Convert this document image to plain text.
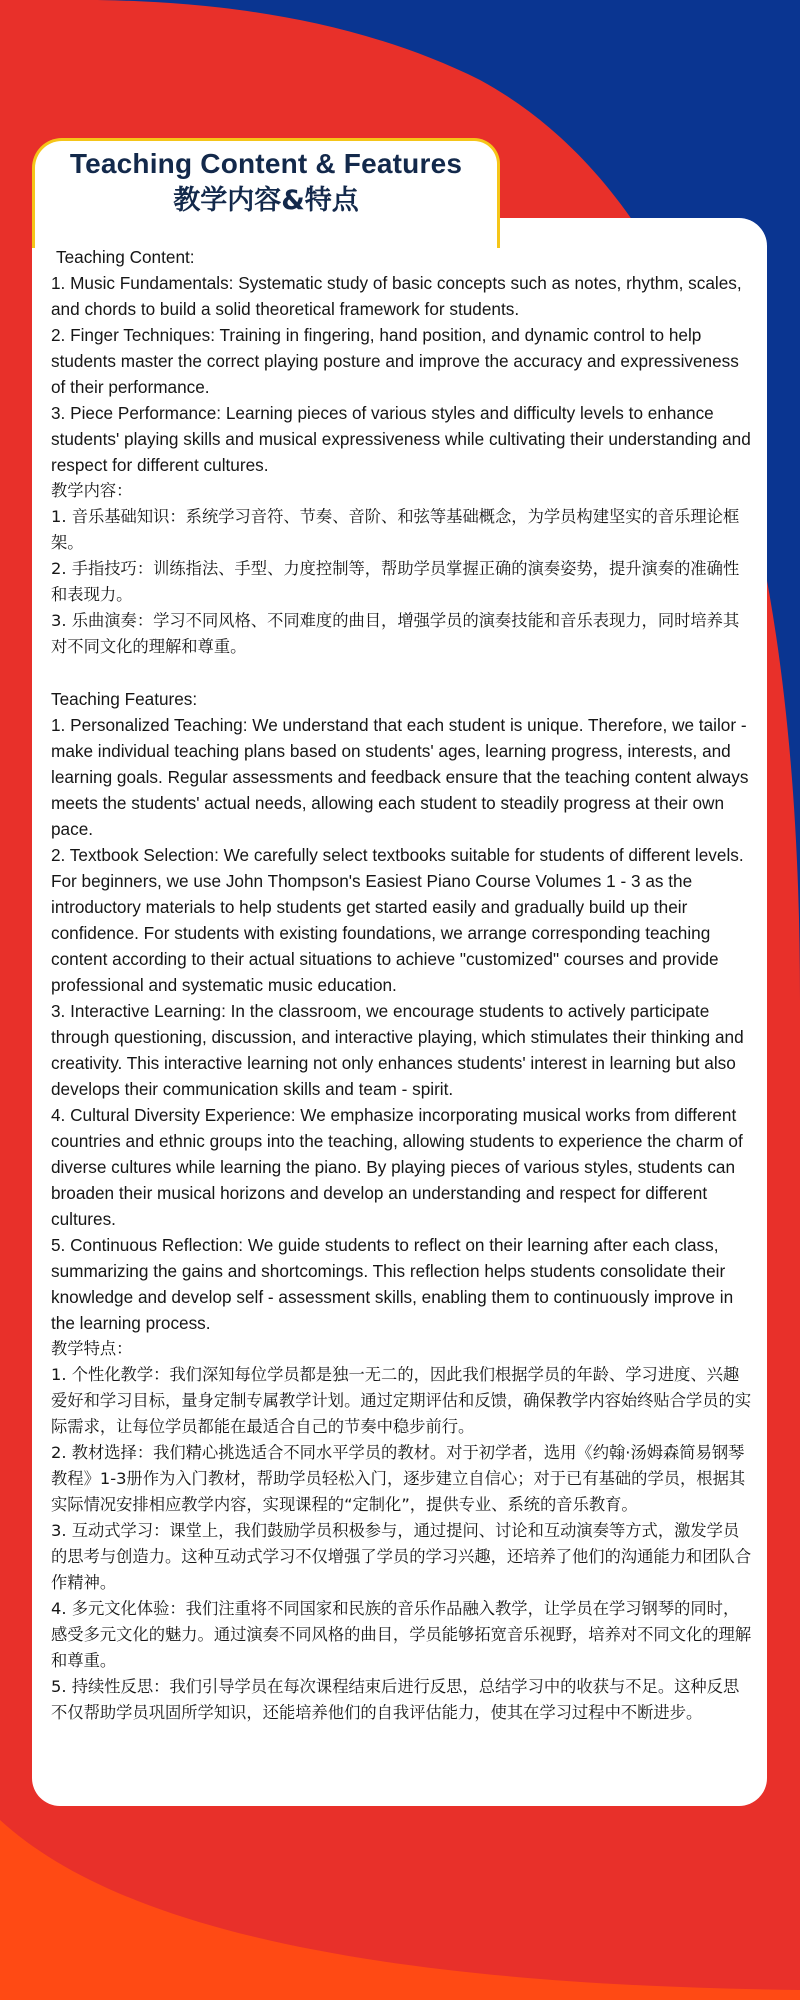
Teaching Content & Features
教学内容&特点

Teaching Content:

1. Music Fundamentals: Systematic study of basic concepts such as notes, rhythm, scales, and chords to build a solid theoretical framework for students.

2. Finger Techniques: Training in fingering, hand position, and dynamic control to help students master the correct playing posture and improve the accuracy and expressiveness of their performance.

3. Piece Performance: Learning pieces of various styles and difficulty levels to enhance students' playing skills and musical expressiveness while cultivating their understanding and respect for different cultures.

教学内容：

1. 音乐基础知识：系统学习音符、节奏、音阶、和弦等基础概念，为学员构建坚实的音乐理论框架。

2. 手指技巧：训练指法、手型、力度控制等，帮助学员掌握正确的演奏姿势，提升演奏的准确性和表现力。

3. 乐曲演奏：学习不同风格、不同难度的曲目，增强学员的演奏技能和音乐表现力，同时培养其对不同文化的理解和尊重。

Teaching Features:

1. Personalized Teaching: We understand that each student is unique. Therefore, we tailor - make individual teaching plans based on students' ages, learning progress, interests, and learning goals. Regular assessments and feedback ensure that the teaching content always meets the students' actual needs, allowing each student to steadily progress at their own pace.

2. Textbook Selection: We carefully select textbooks suitable for students of different levels. For beginners, we use John Thompson's Easiest Piano Course Volumes 1 - 3 as the introductory materials to help students get started easily and gradually build up their confidence. For students with existing foundations, we arrange corresponding teaching content according to their actual situations to achieve "customized" courses and provide professional and systematic music education.

3. Interactive Learning: In the classroom, we encourage students to actively participate through questioning, discussion, and interactive playing, which stimulates their thinking and creativity. This interactive learning not only enhances students' interest in learning but also develops their communication skills and team - spirit.

4. Cultural Diversity Experience: We emphasize incorporating musical works from different countries and ethnic groups into the teaching, allowing students to experience the charm of diverse cultures while learning the piano. By playing pieces of various styles, students can broaden their musical horizons and develop an understanding and respect for different cultures.

5. Continuous Reflection: We guide students to reflect on their learning after each class, summarizing the gains and shortcomings. This reflection helps students consolidate their knowledge and develop self - assessment skills, enabling them to continuously improve in the learning process.

教学特点：

1. 个性化教学：我们深知每位学员都是独一无二的，因此我们根据学员的年龄、学习进度、兴趣爱好和学习目标，量身定制专属教学计划。通过定期评估和反馈，确保教学内容始终贴合学员的实际需求，让每位学员都能在最适合自己的节奏中稳步前行。

2. 教材选择：我们精心挑选适合不同水平学员的教材。对于初学者，选用《约翰·汤姆森简易钢琴教程》1-3册作为入门教材，帮助学员轻松入门，逐步建立自信心；对于已有基础的学员，根据其实际情况安排相应教学内容，实现课程的“定制化”，提供专业、系统的音乐教育。

3. 互动式学习：课堂上，我们鼓励学员积极参与，通过提问、讨论和互动演奏等方式，激发学员的思考与创造力。这种互动式学习不仅增强了学员的学习兴趣，还培养了他们的沟通能力和团队合作精神。

4. 多元文化体验：我们注重将不同国家和民族的音乐作品融入教学，让学员在学习钢琴的同时，感受多元文化的魅力。通过演奏不同风格的曲目，学员能够拓宽音乐视野，培养对不同文化的理解和尊重。

5. 持续性反思：我们引导学员在每次课程结束后进行反思，总结学习中的收获与不足。这种反思不仅帮助学员巩固所学知识，还能培养他们的自我评估能力，使其在学习过程中不断进步。
